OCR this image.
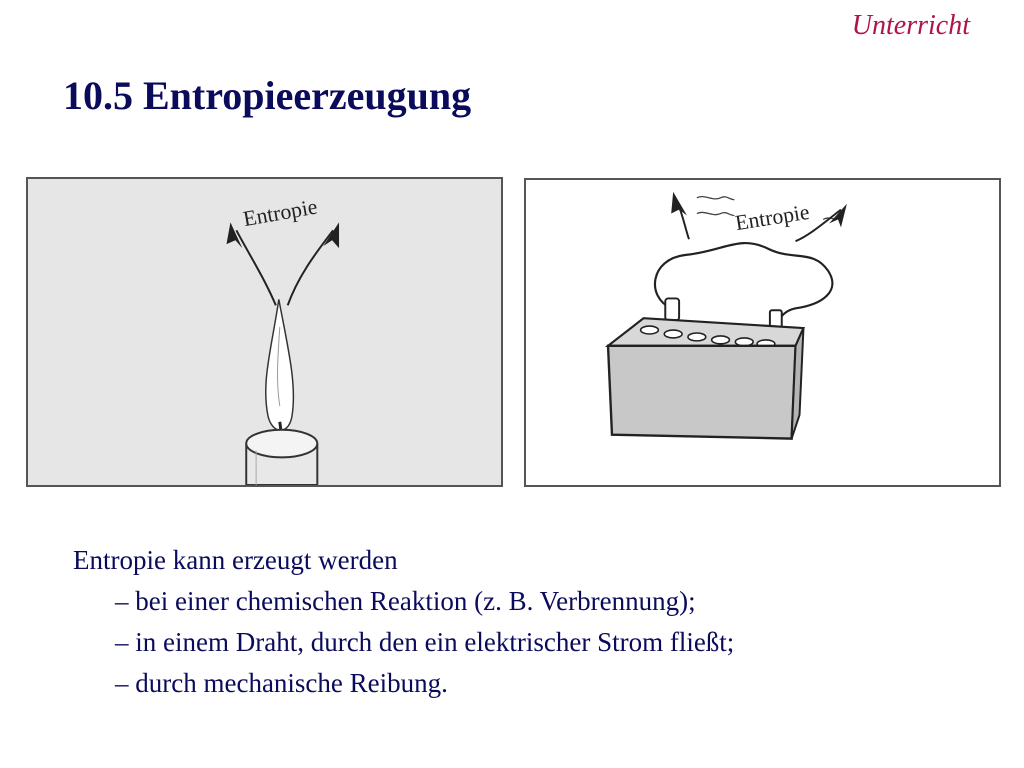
Unterricht
10.5 Entropieerzeugung
Entropie	Entropie
Entropie kann erzeugt werden
– bei einer chemischen Reaktion (z. B. Verbrennung);
– in einem Draht, durch den ein elektrischer Strom fließt;
– durch mechanische Reibung.
